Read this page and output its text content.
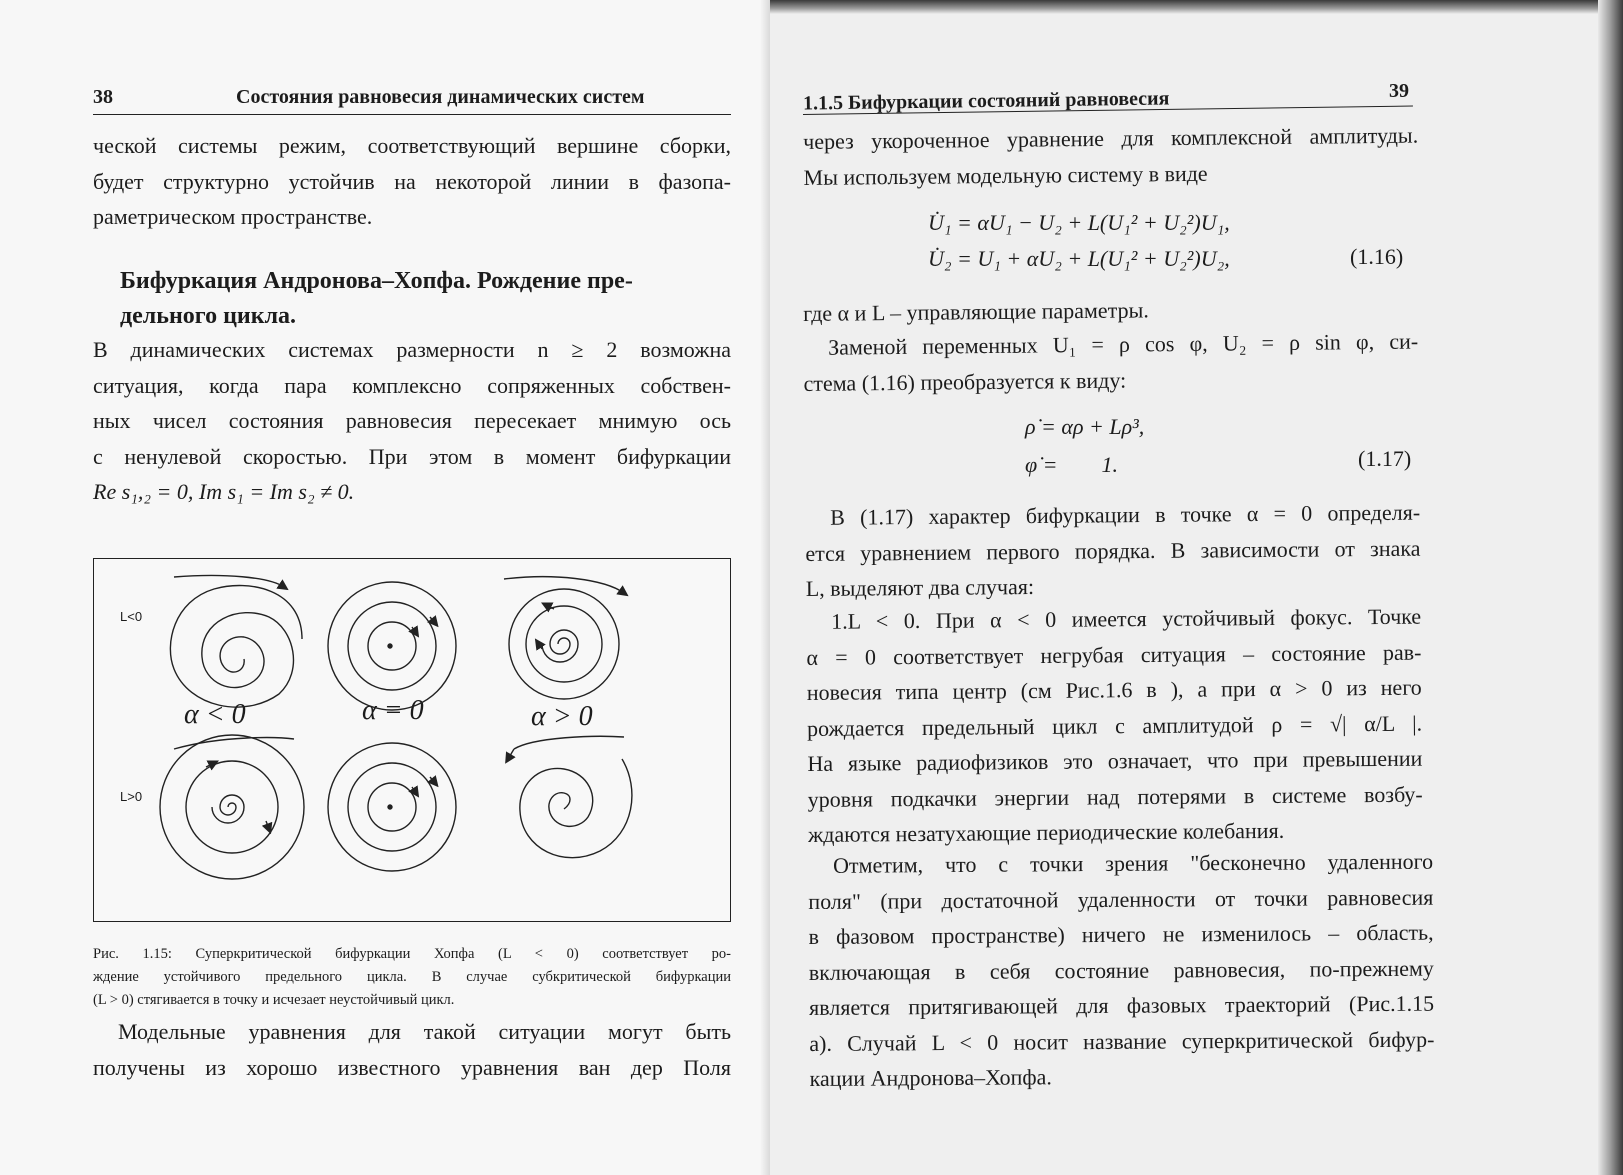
38	Состояния равновесия динамических систем
ческой системы режим, соответствующий вершине сборки,
будет структурно устойчив на некоторой линии в фазопа-
раметрическом пространстве.
Бифуркация Андронова–Хопфа. Рождение пре-
дельного цикла.
В динамических системах размерности n ≥ 2 возможна
ситуация, когда пара комплексно сопряженных собствен-
ных чисел состояния равновесия пересекает мнимую ось
с ненулевой скоростью. При этом в момент бифуркации
Re s₁,₂ = 0, Im s₁ = Im s₂ ≠ 0.
L<0
L>0
α < 0	α = 0	α > 0
Рис. 1.15: Суперкритической бифуркации Хопфа (L < 0) соответствует ро-
ждение устойчивого предельного цикла. В случае субкритической бифуркации
(L > 0) стягивается в точку и исчезает неустойчивый цикл.
Модельные уравнения для такой ситуации могут быть
получены из хорошо известного уравнения ван дер Поля
1.1.5 Бифуркации состояний равновесия	39
через укороченное уравнение для комплексной амплитуды.
Мы используем модельную систему в виде
U̇₁ = αU₁ − U₂ + L(U₁² + U₂²)U₁,
U̇₂ = U₁ + αU₂ + L(U₁² + U₂²)U₂,	(1.16)
где α и L – управляющие параметры.
Заменой переменных U₁ = ρ cos φ, U₂ = ρ sin φ, си-
стема (1.16) преобразуется к виду:
ρ̇ = αρ + Lρ³,
φ̇ =        1.	(1.17)
В (1.17) характер бифуркации в точке α = 0 определя-
ется уравнением первого порядка. В зависимости от знака
L, выделяют два случая:
1.L < 0. При α < 0 имеется устойчивый фокус. Точке
α = 0 соответствует негрубая ситуация – состояние рав-
новесия типа центр (см Рис.1.6 в ), а при α > 0 из него
рождается предельный цикл с амплитудой ρ = √| α/L |.
На языке радиофизиков это означает, что при превышении
уровня подкачки энергии над потерями в системе возбу-
ждаются незатухающие периодические колебания.
Отметим, что с точки зрения "бесконечно удаленного
поля" (при достаточной удаленности от точки равновесия
в фазовом пространстве) ничего не изменилось – область,
включающая в себя состояние равновесия, по-прежнему
является притягивающей для фазовых траекторий (Рис.1.15
а). Случай L < 0 носит название суперкритической бифур-
кации Андронова–Хопфа.
